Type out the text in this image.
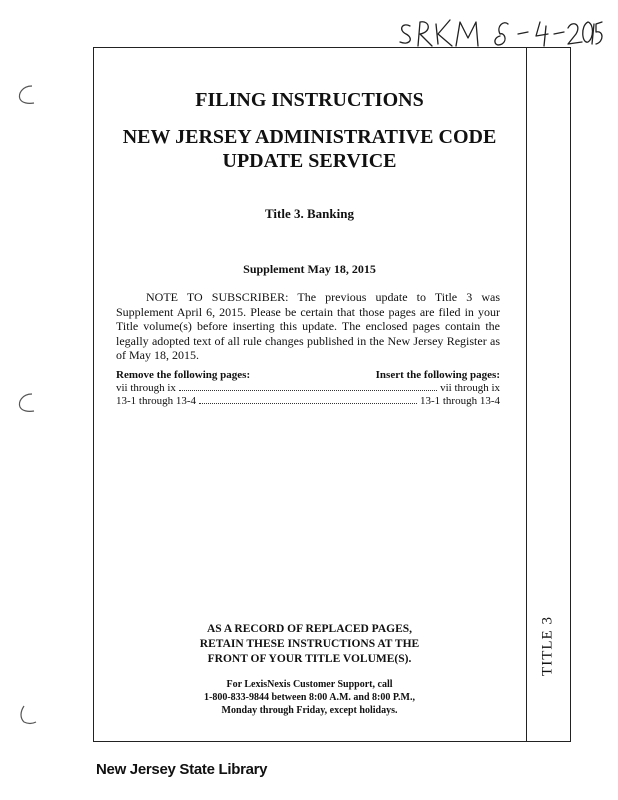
TITLE 3
FILING INSTRUCTIONS
NEW JERSEY ADMINISTRATIVE CODE
UPDATE SERVICE
Title 3. Banking
Supplement May 18, 2015
NOTE TO SUBSCRIBER: The previous update to Title 3 was Supplement April 6, 2015. Please be certain that those pages are filed in your Title volume(s) before inserting this update. The enclosed pages contain the legally adopted text of all rule changes published in the New Jersey Register as of May 18, 2015.
Remove the following pages:	Insert the following pages:
vii through ix	vii through ix
13-1 through 13-4	13-1 through 13-4
AS A RECORD OF REPLACED PAGES,
RETAIN THESE INSTRUCTIONS AT THE
FRONT OF YOUR TITLE VOLUME(S).
For LexisNexis Customer Support, call
1-800-833-9844 between 8:00 A.M. and 8:00 P.M.,
Monday through Friday, except holidays.
New Jersey State Library
